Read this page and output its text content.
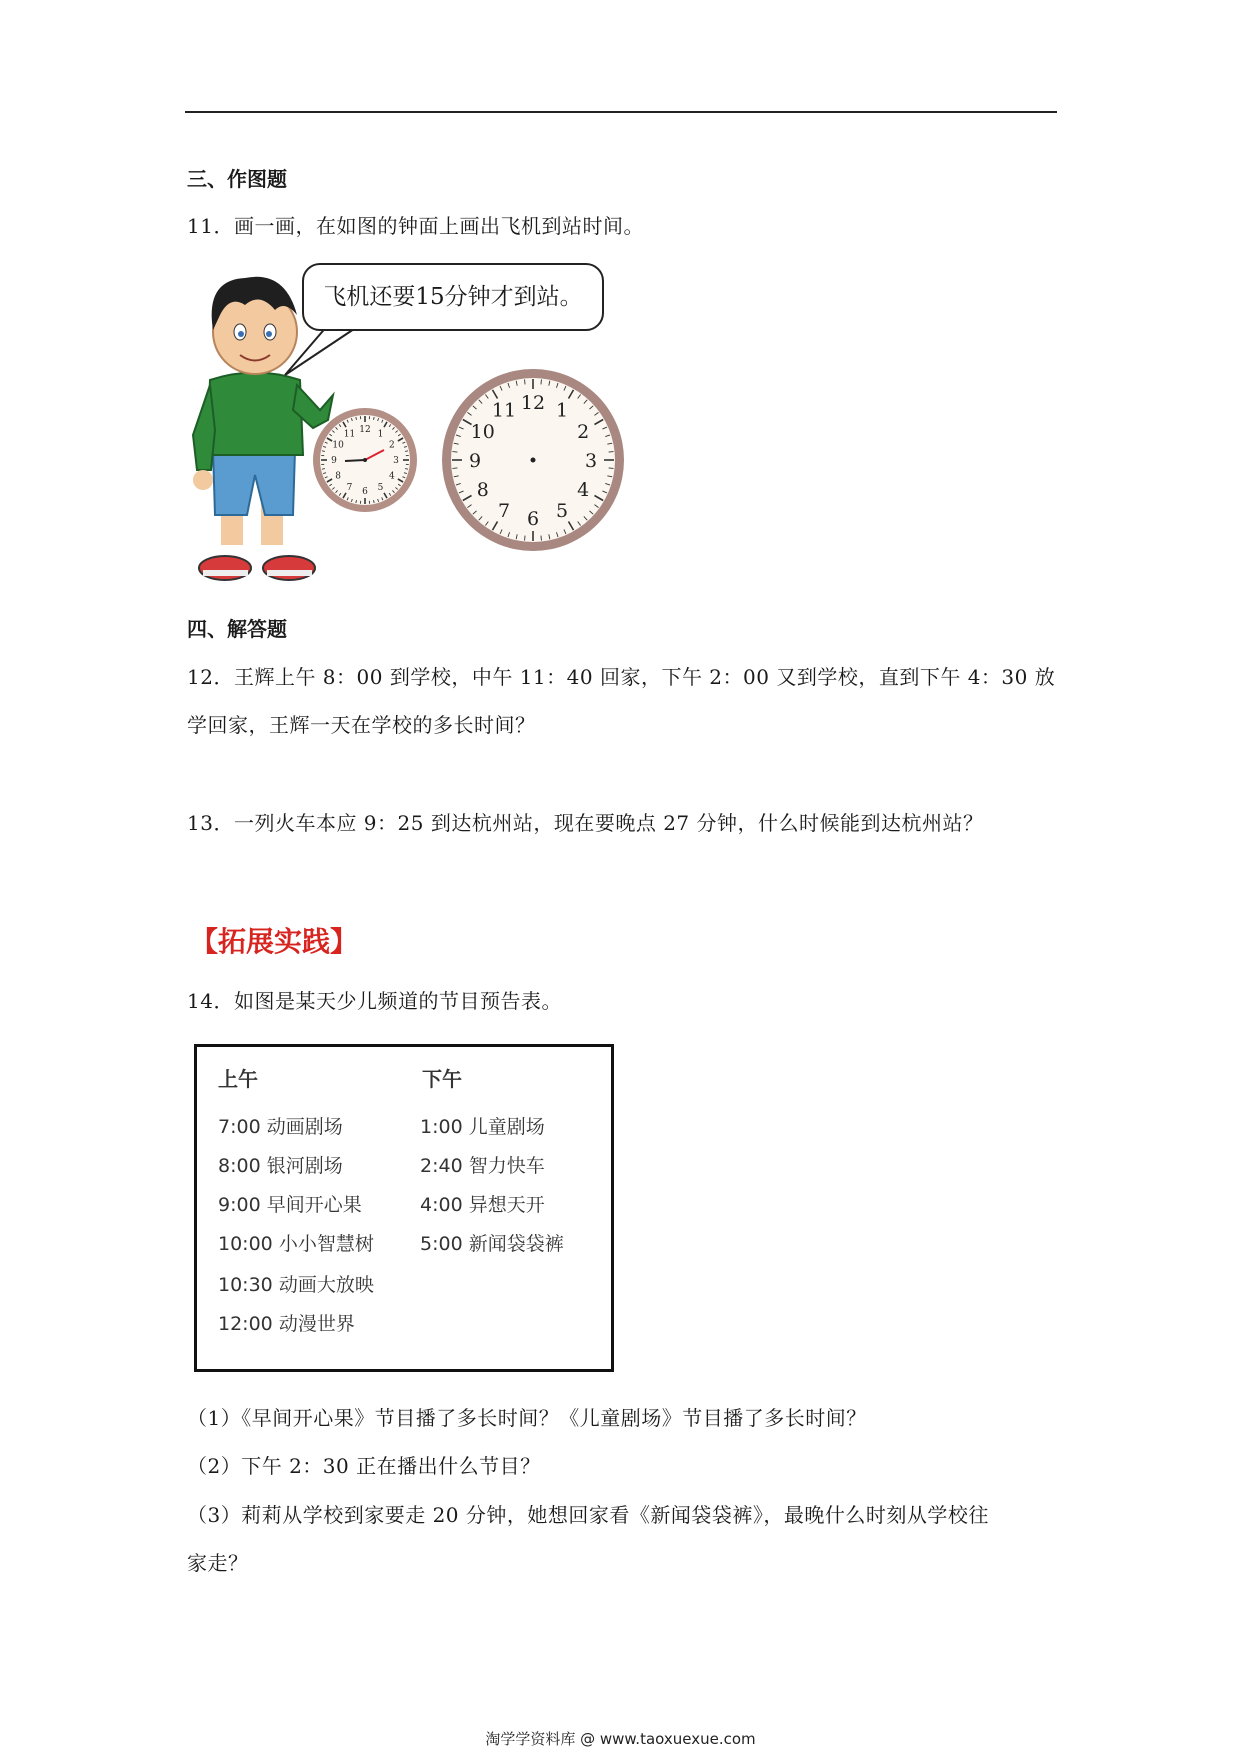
三、作图题
11．画一画，在如图的钟面上画出飞机到站时间。
飞机还要15分钟才到站。
12 1
2
3
4
5
6
7
8
9
10
11
12 1
2
3
4
5
6
7
8
9
10
11
四、解答题
12．王辉上午 8：00 到学校，中午 11：40 回家，下午 2：00 又到学校，直到下午 4：30 放
学回家，王辉一天在学校的多长时间？
13．一列火车本应 9：25 到达杭州站，现在要晚点 27 分钟，什么时候能到达杭州站？
【拓展实践】
14．如图是某天少儿频道的节目预告表。
上午	下午
7:00 动画剧场
8:00 银河剧场
9:00 早间开心果
10:00 小小智慧树
10:30 动画大放映
12:00 动漫世界
1:00 儿童剧场
2:40 智力快车
4:00 异想天开
5:00 新闻袋袋裤
（1）《早间开心果》节目播了多长时间？《儿童剧场》节目播了多长时间？
（2）下午 2：30 正在播出什么节目？
（3）莉莉从学校到家要走 20 分钟，她想回家看《新闻袋袋裤》，最晚什么时刻从学校往
家走？
淘学学资料库 @ www.taoxuexue.com
